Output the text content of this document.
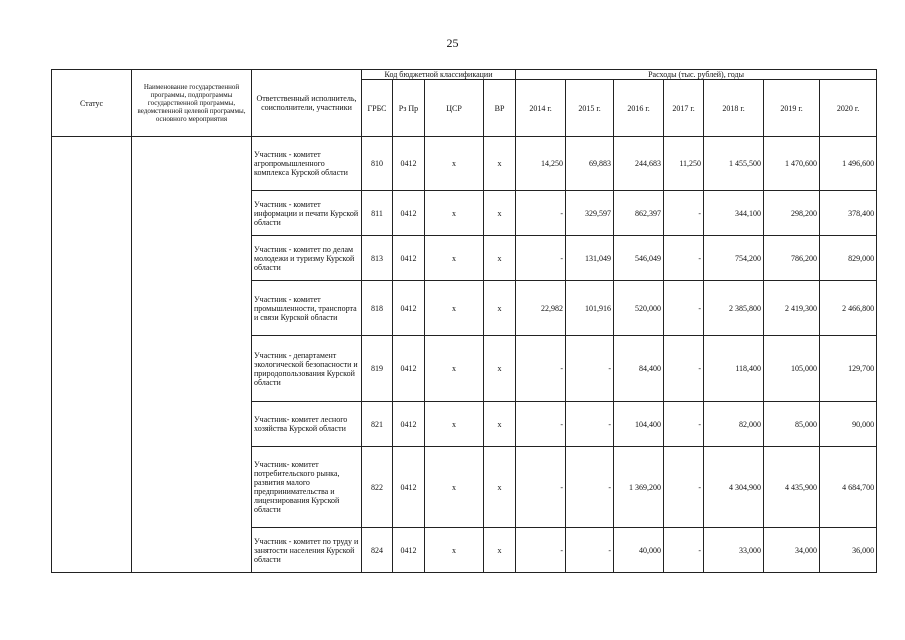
25
Статус	Наименование государственной программы, подпрограммы государственной программы, ведомственной целевой программы, основного мероприятия	Ответственный исполнитель, соисполнители, участники	Код бюджетной классификации				Расходы (тыс. рублей), годы						
			ГРБС	Рз Пр	ЦСР	ВР	2014 г.	2015 г.	2016 г.	2017 г.	2018 г.	2019 г.	2020 г.
		Участник - комитет агропромышленного комплекса Курской области	810	0412	х	х	14,250	69,883	244,683	11,250	1 455,500	1 470,600	1 496,600
		Участник - комитет информации и печати Курской области	811	0412	х	х	-	329,597	862,397	-	344,100	298,200	378,400
		Участник - комитет по делам молодежи и туризму Курской области	813	0412	х	х	-	131,049	546,049	-	754,200	786,200	829,000
		Участник - комитет промышленности, транспорта и связи Курской области	818	0412	х	х	22,982	101,916	520,000	-	2 385,800	2 419,300	2 466,800
		Участник - департамент экологической безопасности и природопользования Курской области	819	0412	х	х	-	-	84,400	-	118,400	105,000	129,700
		Участник- комитет лесного хозяйства Курской области	821	0412	х	х	-	-	104,400	-	82,000	85,000	90,000
		Участник- комитет потребительского рынка, развития малого предпринимательства и лицензирования Курской области	822	0412	х	х	-	-	1 369,200	-	4 304,900	4 435,900	4 684,700
		Участник - комитет по труду и занятости населения Курской области	824	0412	х	х	-	-	40,000	-	33,000	34,000	36,000
